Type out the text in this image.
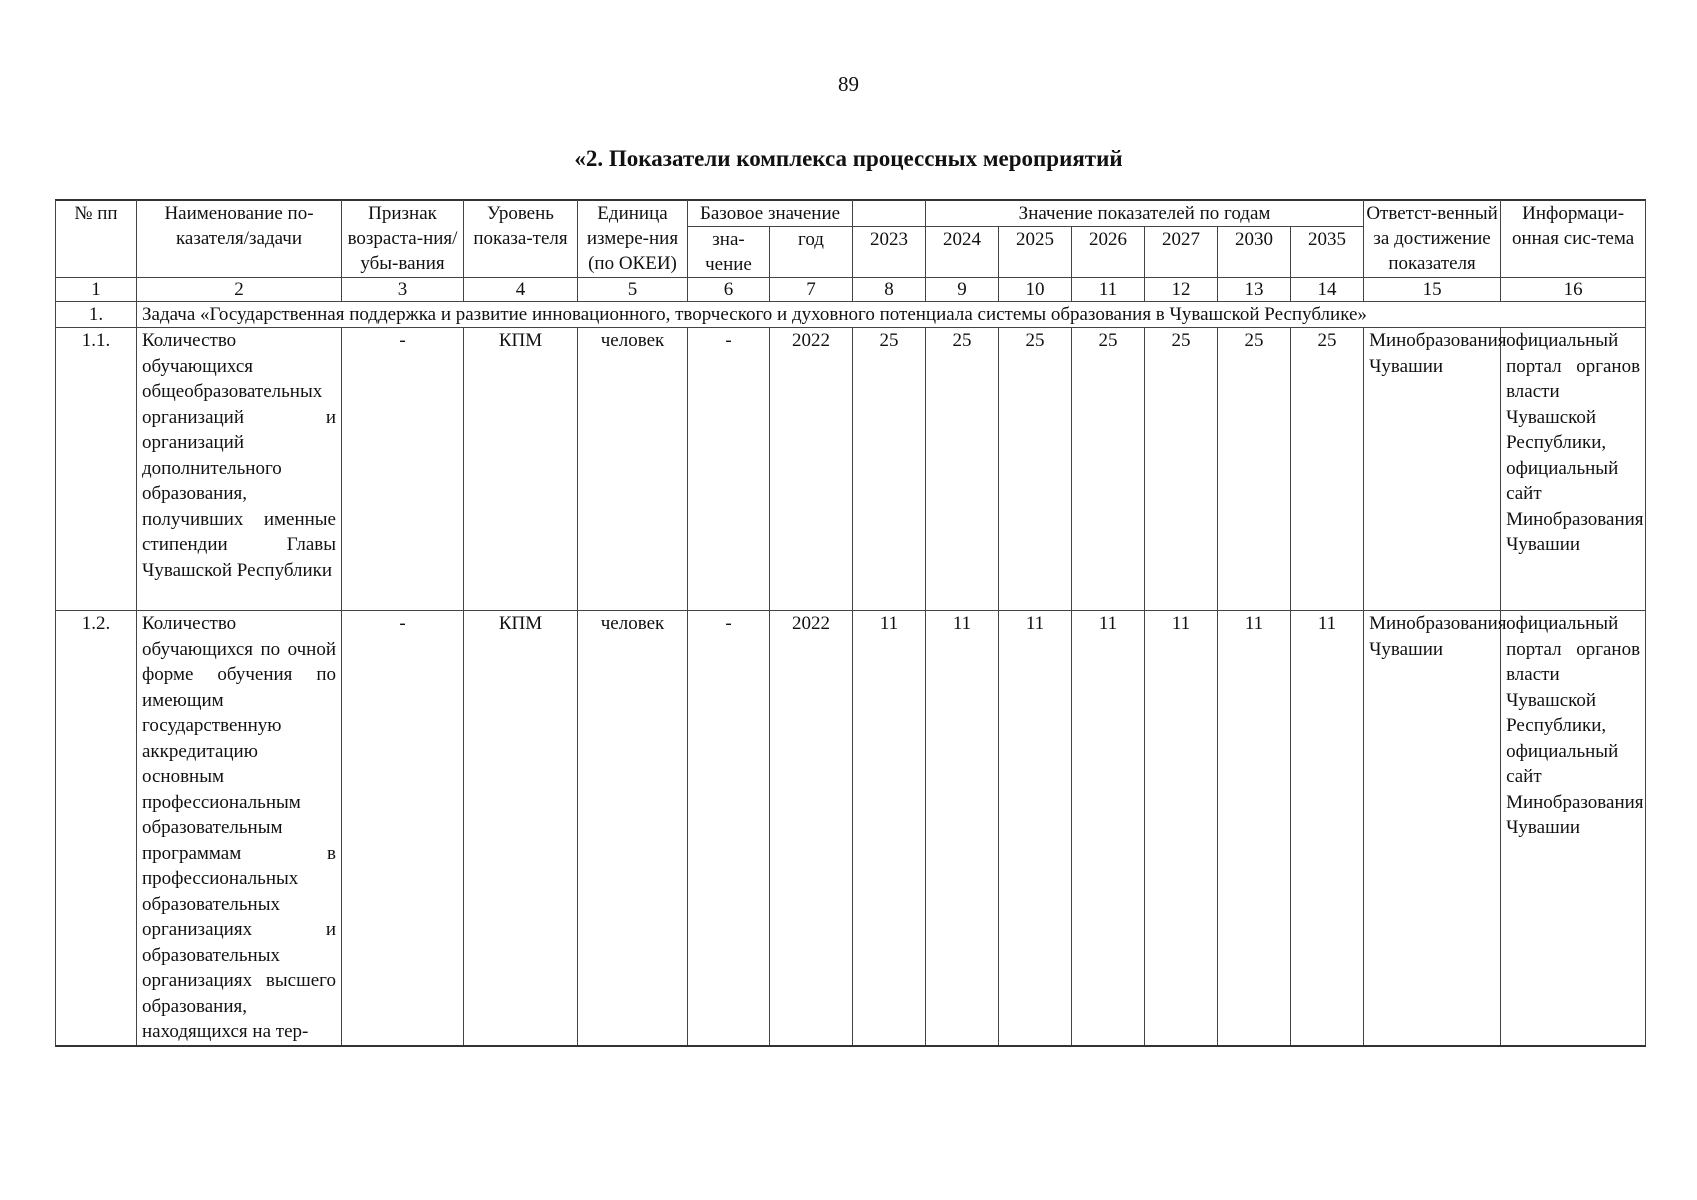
89
«2. Показатели комплекса процессных мероприятий
№ пп	Наименование по-казателя/задачи	Признак возраста-ния/убы-вания	Уровень показа-теля	Единица измере-ния (по ОКЕИ)	Базовое значение			Значение показателей по годам						Ответст-венный за достижение показателя	Информаци-онная сис-тема

					зна-чение	год	2023	2024	2025	2026	2027	2030	2035		
1	2	3	4	5	6	7	8	9	10	11	12	13	14	15	16
1.	Задача «Государственная поддержка и развитие инновационного, творческого и духовного потенциала системы образования в Чувашской Республике»														
1.1.	Количество обучающихся общеобразовательных организаций и организаций дополнительного образования, получивших именные стипендии Главы Чувашской Республики	-	КПМ	человек	-	2022	25	25	25	25	25	25	25	Минобразования Чувашии	официальный портал органов власти Чувашской Республики, официальный сайт Минобразования Чувашии
1.2.	Количество обучающихся по очной форме обучения по имеющим государственную аккредитацию основным профессиональным образовательным программам в профессиональных образовательных организациях и образовательных организациях высшего образования, находящихся на тер-	-	КПМ	человек	-	2022	11	11	11	11	11	11	11	Минобразования Чувашии	официальный портал органов власти Чувашской Республики, официальный сайт Минобразования Чувашии
